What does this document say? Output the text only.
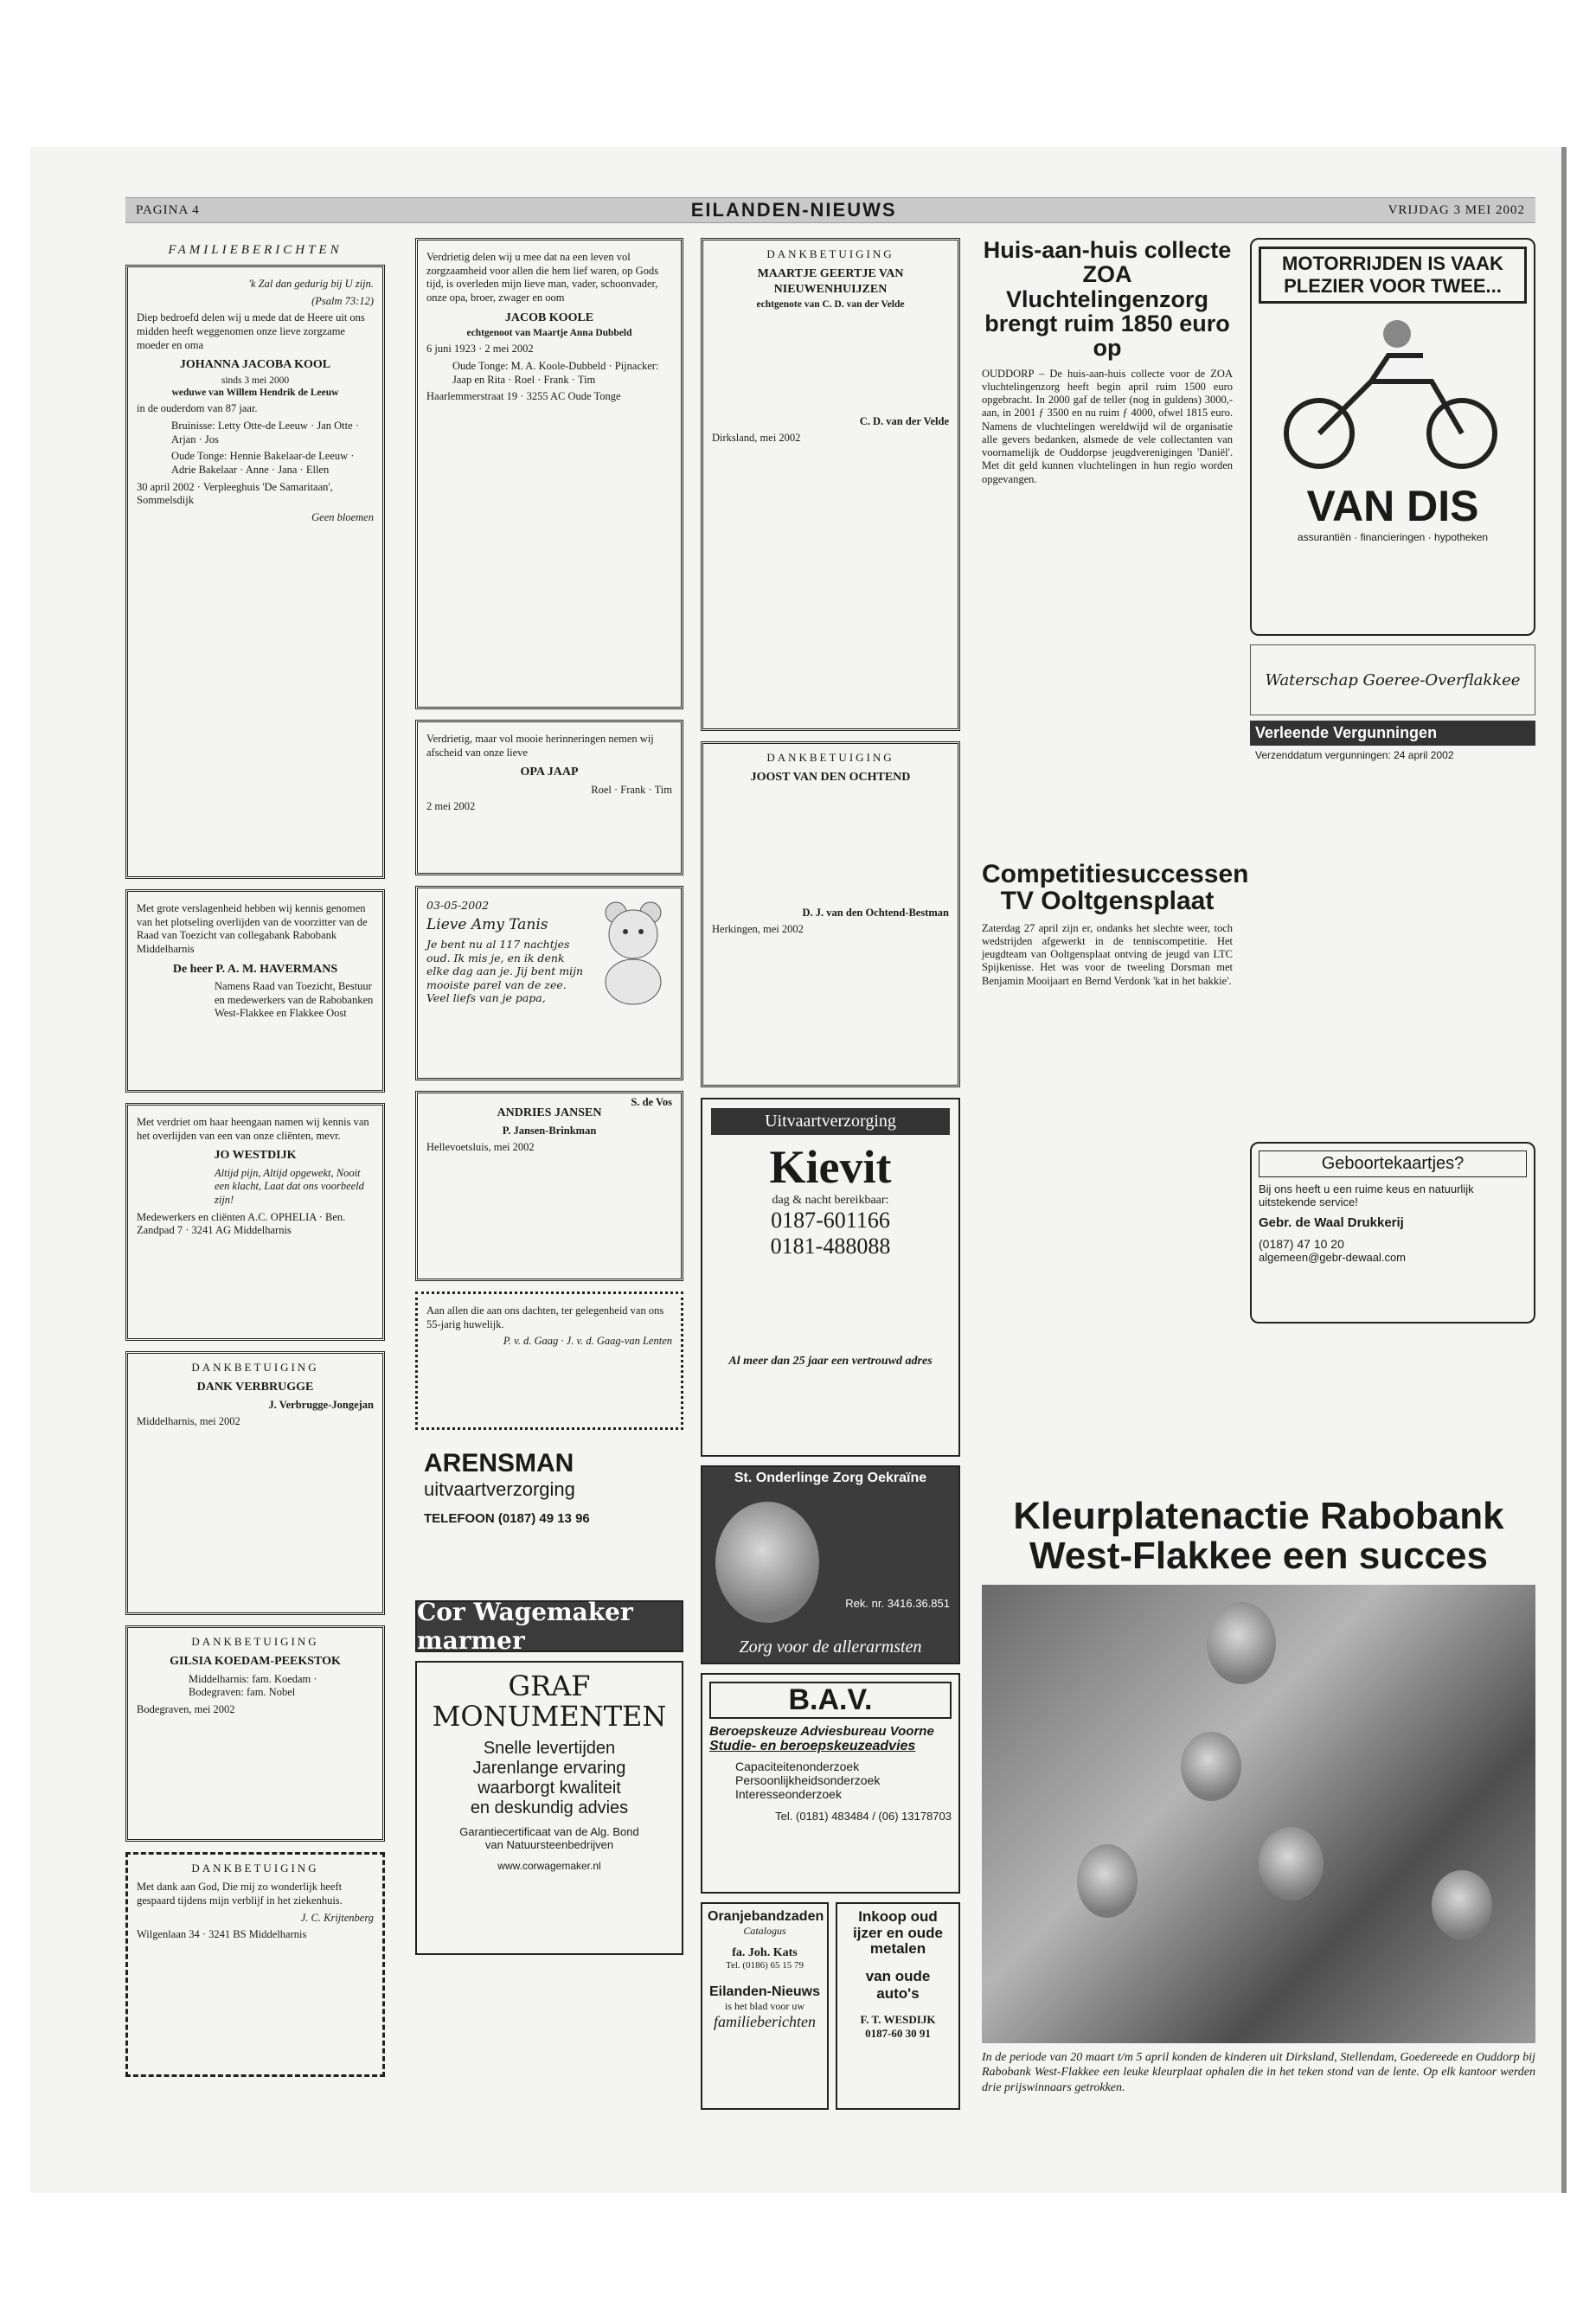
PAGINA 4	EILANDEN-NIEUWS	VRIJDAG 3 MEI 2002
FAMILIEBERICHTEN

'k Zal dan gedurig bij U zijn.

(Psalm 73:12)

Diep bedroefd delen wij u mede dat de Heere uit ons midden heeft weggenomen onze lieve zorgzame moeder en oma

JOHANNA JACOBA KOOL
sinds 3 mei 2000
weduwe van Willem Hendrik de Leeuw

in de ouderdom van 87 jaar.

Bruinisse: Letty Otte-de Leeuw · Jan Otte · Arjan · Jos

Oude Tonge: Hennie Bakelaar-de Leeuw · Adrie Bakelaar · Anne · Jana · Ellen

30 april 2002 · Verpleeghuis 'De Samaritaan', Sommelsdijk

Geen bloemen

Met grote verslagenheid hebben wij kennis genomen van het plotseling overlijden van de voorzitter van de Raad van Toezicht van collegabank Rabobank Middelharnis

De heer P. A. M. HAVERMANS

Namens Raad van Toezicht, Bestuur en medewerkers van de Rabobanken West-Flakkee en Flakkee Oost

Met verdriet om haar heengaan namen wij kennis van het overlijden van een van onze cliënten, mevr.

JO WESTDIJK

Altijd pijn, Altijd opgewekt, Nooit een klacht, Laat dat ons voorbeeld zijn!

Medewerkers en cliënten A.C. OPHELIA · Ben. Zandpad 7 · 3241 AG Middelharnis

DANKBETUIGING
DANK VERBRUGGE

J. Verbrugge-Jongejan

Middelharnis, mei 2002

DANKBETUIGING
GILSIA KOEDAM-PEEKSTOK

Middelharnis: fam. Koedam · Bodegraven: fam. Nobel

Bodegraven, mei 2002

DANKBETUIGING

Met dank aan God, Die mij zo wonderlijk heeft gespaard tijdens mijn verblijf in het ziekenhuis.

J. C. Krijtenberg

Wilgenlaan 34 · 3241 BS Middelharnis

Verdrietig delen wij u mee dat na een leven vol zorgzaamheid voor allen die hem lief waren, op Gods tijd, is overleden mijn lieve man, vader, schoonvader, onze opa, broer, zwager en oom

JACOB KOOLE
echtgenoot van Maartje Anna Dubbeld

6 juni 1923 · 2 mei 2002

Oude Tonge: M. A. Koole-Dubbeld · Pijnacker: Jaap en Rita · Roel · Frank · Tim

Haarlemmerstraat 19 · 3255 AC Oude Tonge

Verdrietig, maar vol mooie herinneringen nemen wij afscheid van onze lieve

OPA JAAP

Roel · Frank · Tim

2 mei 2002

03-05-2002

Lieve Amy Tanis

Je bent nu al 117 nachtjes oud. Ik mis je, en ik denk elke dag aan je. Jij bent mijn mooiste parel van de zee. Veel liefs van je papa,

S. de Vos
ANDRIES JANSEN

P. Jansen-Brinkman

Hellevoetsluis, mei 2002

Aan allen die aan ons dachten, ter gelegenheid van ons 55-jarig huwelijk.

P. v. d. Gaag · J. v. d. Gaag-van Lenten

ARENSMAN
uitvaartverzorging
TELEFOON (0187) 49 13 96
Cor Wagemaker marmer
GRAF MONUMENTEN
Snelle levertijden
Jarenlange ervaring
waarborgt kwaliteit
en deskundig advies
Garantiecertificaat van de Alg. Bond
van Natuursteenbedrijven
www.corwagemaker.nl
DANKBETUIGING
MAARTJE GEERTJE VAN NIEUWENHUIJZEN
echtgenote van C. D. van der Velde

C. D. van der Velde

Dirksland, mei 2002

DANKBETUIGING
JOOST VAN DEN OCHTEND

D. J. van den Ochtend-Bestman

Herkingen, mei 2002

Uitvaartverzorging
Kievit
dag & nacht bereikbaar:
0187-601166
0181-488088
Al meer dan 25 jaar een vertrouwd adres
St. Onderlinge Zorg Oekraïne
Rek. nr. 3416.36.851
Zorg voor de allerarmsten
B.A.V.
Beroepskeuze Adviesbureau Voorne
Studie- en beroepskeuzeadvies
Capaciteitenonderzoek
Persoonlijkheidsonderzoek
Interesseonderzoek
Tel. (0181) 483484 / (06) 13178703
Oranjebandzaden
Catalogus
fa. Joh. Kats
Tel. (0186) 65 15 79
Eilanden-Nieuws
is het blad voor uw
familieberichten
Inkoop oud ijzer en oude metalen
van oude auto's
F. T. WESDIJK
0187-60 30 91
Huis-aan-huis collecte ZOA Vluchtelingenzorg brengt ruim 1850 euro op
OUDDORP – De huis-aan-huis collecte voor de ZOA vluchtelingenzorg heeft begin april ruim 1500 euro opgebracht. In 2000 gaf de teller (nog in guldens) 3000,- aan, in 2001 ƒ 3500 en nu ruim ƒ 4000, ofwel 1815 euro. Namens de vluchtelingen wereldwijd wil de organisatie alle gevers bedanken, alsmede de vele collectanten van voornamelijk de Ouddorpse jeugdverenigingen 'Daniël'. Met dit geld kunnen vluchtelingen in hun regio worden opgevangen.
Competitiesuccessen TV Ooltgensplaat
Zaterdag 27 april zijn er, ondanks het slechte weer, toch wedstrijden afgewerkt in de tenniscompetitie. Het jeugdteam van Ooltgensplaat ontving de jeugd van LTC Spijkenisse. Het was voor de tweeling Dorsman met Benjamin Mooijaart en Bernd Verdonk 'kat in het bakkie'.
MOTORRIJDEN IS VAAK PLEZIER VOOR TWEE...
VAN DIS
assurantiën · financieringen · hypotheken
Waterschap Goeree-Overflakkee
Verleende Vergunningen
Verzenddatum vergunningen: 24 april 2002
Geboortekaartjes?
Bij ons heeft u een ruime keus en natuurlijk uitstekende service!
Gebr. de Waal Drukkerij
(0187) 47 10 20
algemeen@gebr-dewaal.com
Kleurplatenactie Rabobank West-Flakkee een succes
In de periode van 20 maart t/m 5 april konden de kinderen uit Dirksland, Stellendam, Goedereede en Ouddorp bij Rabobank West-Flakkee een leuke kleurplaat ophalen die in het teken stond van de lente. Op elk kantoor werden drie prijswinnaars getrokken.
